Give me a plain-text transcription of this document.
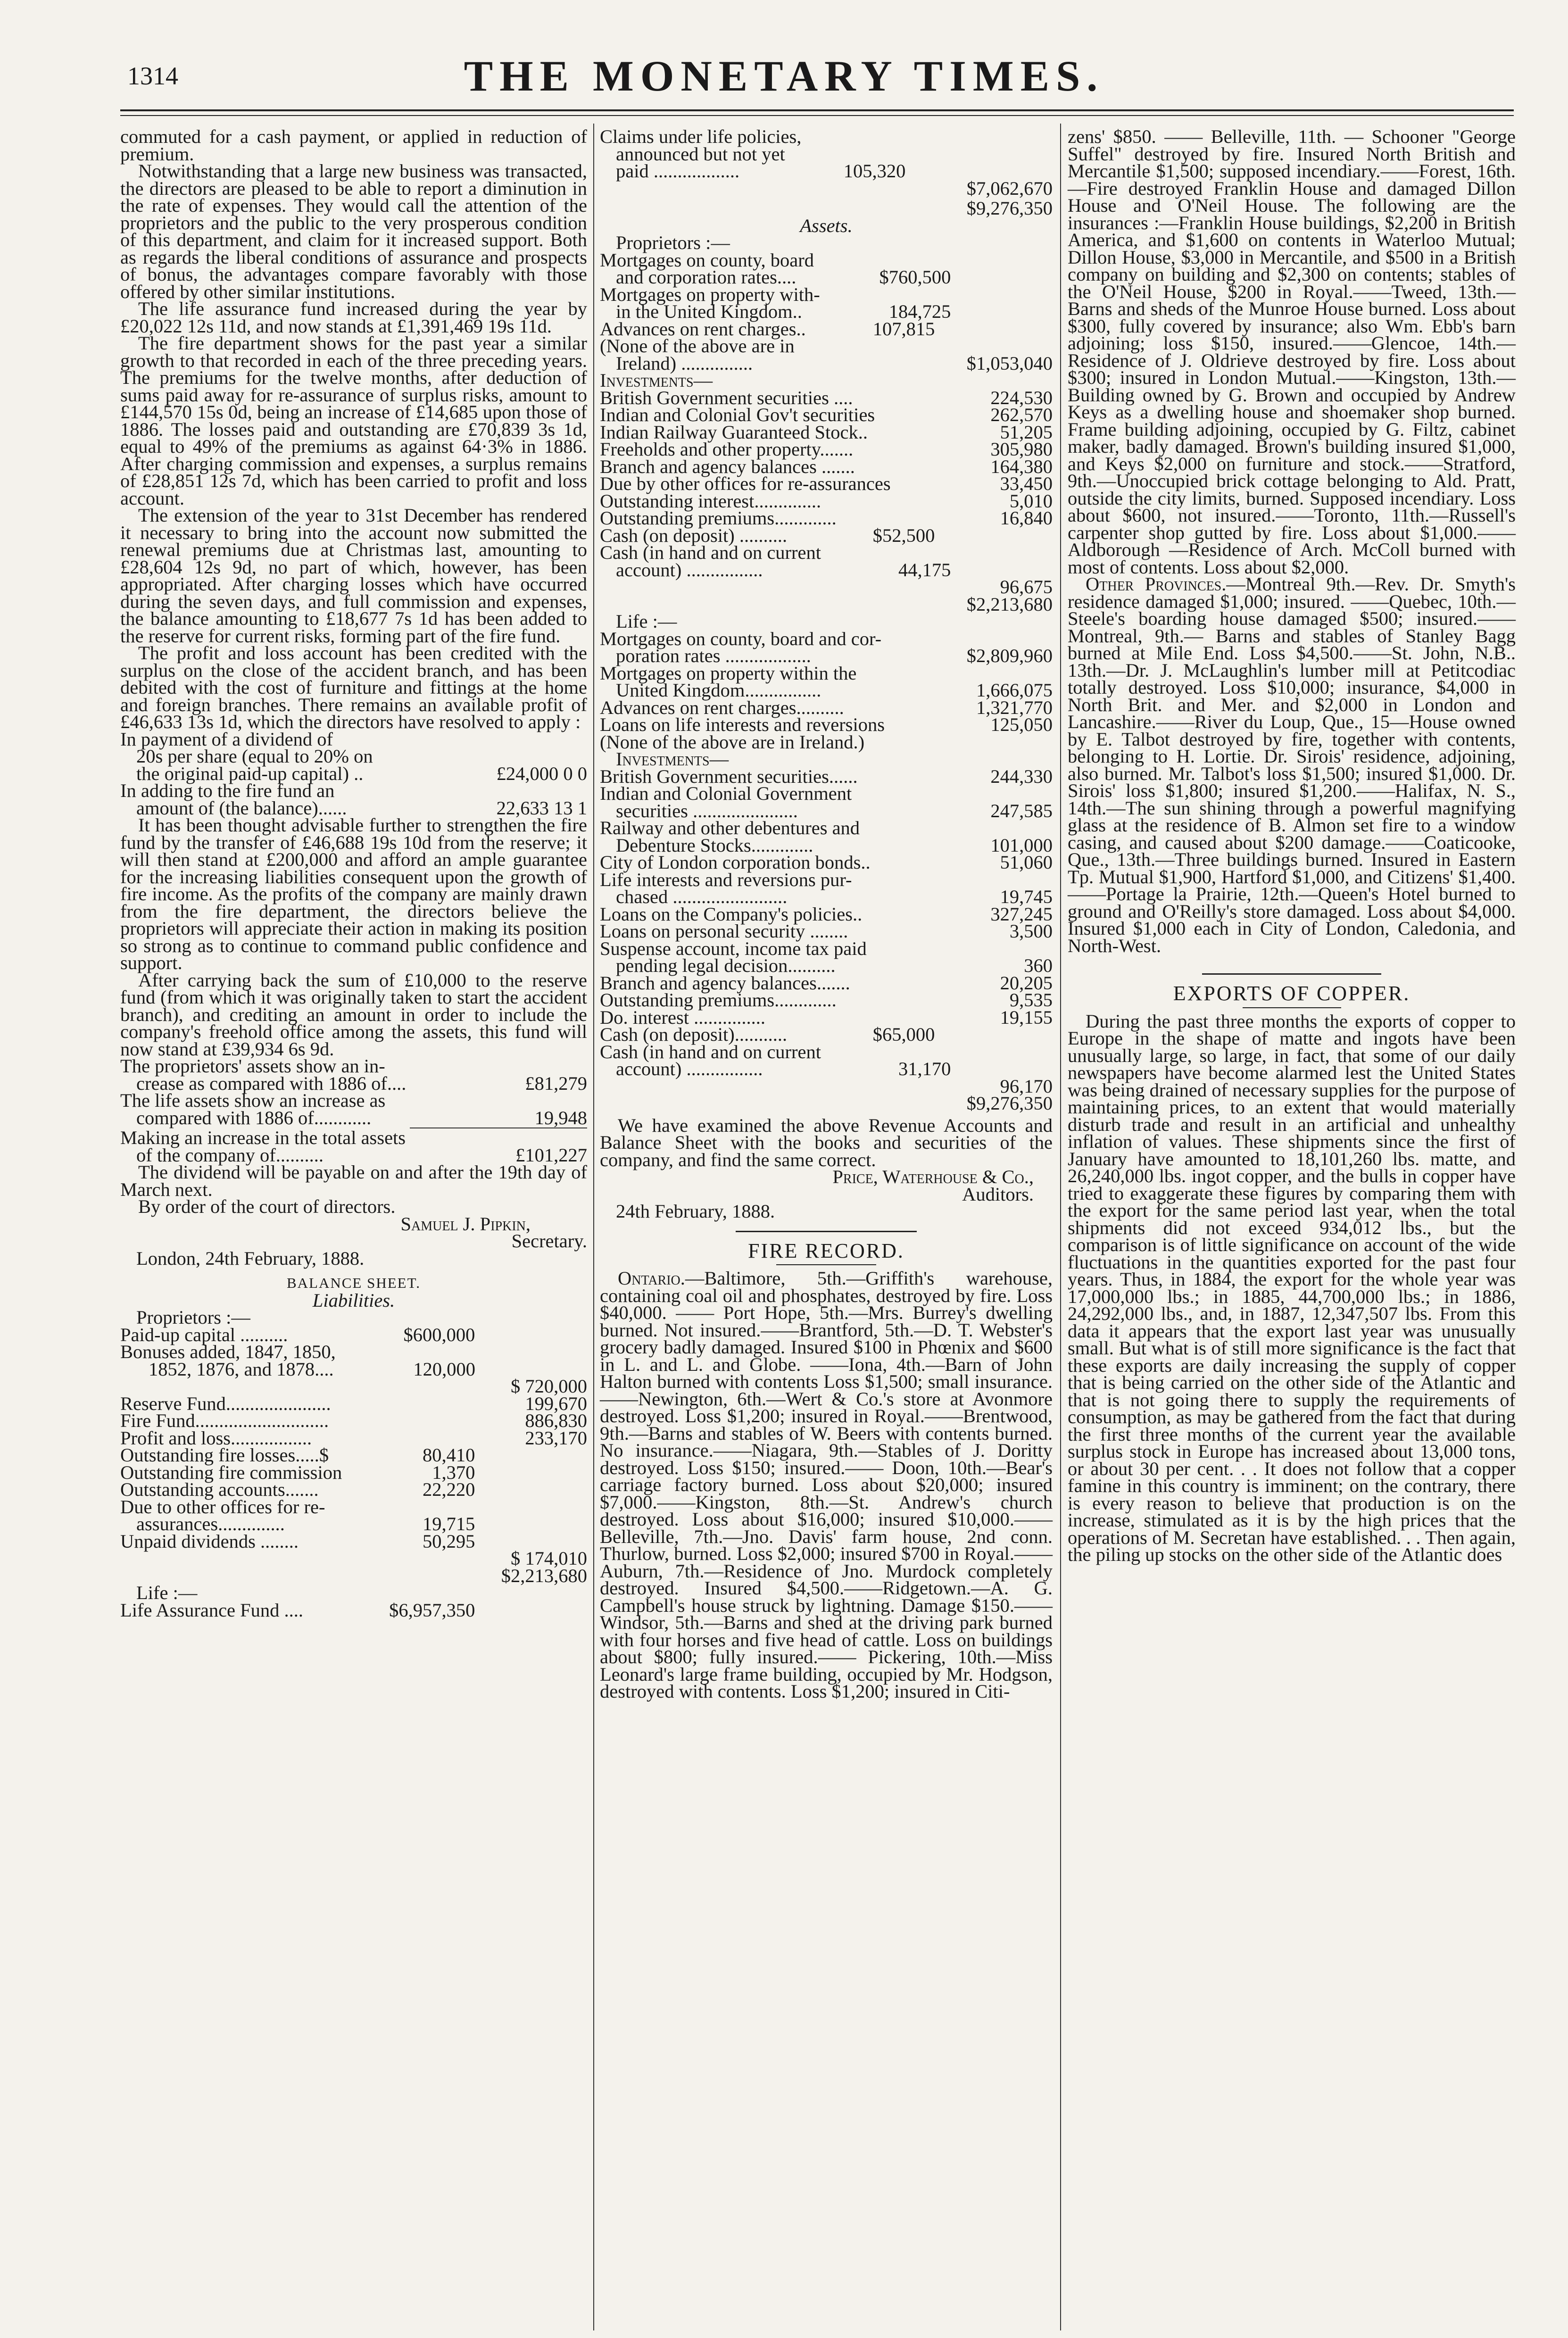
1314	THE MONETARY TIMES.

commuted for a cash payment, or applied in reduction of premium.

Notwithstanding that a large new business was transacted, the directors are pleased to be able to report a diminution in the rate of expenses. They would call the attention of the proprietors and the public to the very prosperous condition of this department, and claim for it increased support. Both as regards the liberal conditions of assurance and prospects of bonus, the advantages compare favorably with those offered by other similar institutions.

The life assurance fund increased during the year by £20,022 12s 11d, and now stands at £1,391,469 19s 11d.

The fire department shows for the past year a similar growth to that recorded in each of the three preceding years. The premiums for the twelve months, after deduction of sums paid away for re-assurance of surplus risks, amount to £144,570 15s 0d, being an increase of £14,685 upon those of 1886. The losses paid and outstanding are £70,839 3s 1d, equal to 49% of the premiums as against 64·3% in 1886. After charging commission and expenses, a surplus remains of £28,851 12s 7d, which has been carried to profit and loss account.

The extension of the year to 31st December has rendered it necessary to bring into the account now submitted the renewal premiums due at Christmas last, amounting to £28,604 12s 9d, no part of which, however, has been appropriated. After charging losses which have occurred during the seven days, and full commission and expenses, the balance amounting to £18,677 7s 1d has been added to the reserve for current risks, forming part of the fire fund.

The profit and loss account has been credited with the surplus on the close of the accident branch, and has been debited with the cost of furniture and fittings at the home and foreign branches. There remains an available profit of £46,633 13s 1d, which the directors have resolved to apply :

In payment of a dividend of
20s per share (equal to 20% on
the original paid-up capital) ..	£24,000 0 0
In adding to the fire fund an
amount of (the balance)......	22,633 13 1

It has been thought advisable further to strengthen the fire fund by the transfer of £46,688 19s 10d from the reserve; it will then stand at £200,000 and afford an ample guarantee for the increasing liabilities consequent upon the growth of fire income. As the profits of the company are mainly drawn from the fire department, the directors believe the proprietors will appreciate their action in making its position so strong as to continue to command public confidence and support.

After carrying back the sum of £10,000 to the reserve fund (from which it was originally taken to start the accident branch), and crediting an amount in order to include the company's freehold office among the assets, this fund will now stand at £39,934 6s 9d.

The proprietors' assets show an in-
crease as compared with 1886 of....	£81,279
The life assets show an increase as
compared with 1886 of............	19,948
Making an increase in the total assets
of the company of..........	£101,227

The dividend will be payable on and after the 19th day of March next.

By order of the court of directors.

Samuel J. Pipkin,
Secretary.
London, 24th February, 1888.
BALANCE SHEET.
Liabilities.
Proprietors :—
Paid-up capital ..........	$600,000
Bonuses added, 1847, 1850,
1852, 1876, and 1878....	120,000
$ 720,000
Reserve Fund......................	199,670
Fire Fund............................	886,830
Profit and loss.................	233,170
Outstanding fire losses.....$	80,410
Outstanding fire commission	1,370
Outstanding accounts.......	22,220
Due to other offices for re-
assurances..............	19,715
Unpaid dividends ........	50,295
$ 174,010
$2,213,680
Life :—
Life Assurance Fund ....	$6,957,350
Claims under life policies,
announced but not yet
paid ..................	105,320
$7,062,670
$9,276,350
Assets.
Proprietors :—
Mortgages on county, board
and corporation rates....	$760,500
Mortgages on property with-
in the United Kingdom..	184,725
Advances on rent charges..	107,815
(None of the above are in
Ireland) ...............	$1,053,040
Investments—
British Government securities ....	224,530
Indian and Colonial Gov't securities	262,570
Indian Railway Guaranteed Stock..	51,205
Freeholds and other property.......	305,980
Branch and agency balances .......	164,380
Due by other offices for re-assurances	33,450
Outstanding interest..............	5,010
Outstanding premiums.............	16,840
Cash (on deposit) ..........	$52,500
Cash (in hand and on current
account) ................	44,175
96,675
$2,213,680
Life :—
Mortgages on county, board and cor-
poration rates ..................	$2,809,960
Mortgages on property within the
United Kingdom................	1,666,075
Advances on rent charges..........	1,321,770
Loans on life interests and reversions	125,050
(None of the above are in Ireland.)
Investments—
British Government securities......	244,330
Indian and Colonial Government
securities ......................	247,585
Railway and other debentures and
Debenture Stocks.............	101,000
City of London corporation bonds..	51,060
Life interests and reversions pur-
chased ........................	19,745
Loans on the Company's policies..	327,245
Loans on personal security ........	3,500
Suspense account, income tax paid
pending legal decision..........	360
Branch and agency balances.......	20,205
Outstanding premiums.............	9,535
Do. interest ...............	19,155
Cash (on deposit)...........	$65,000
Cash (in hand and on current
account) ................	31,170
96,170
$9,276,350

We have examined the above Revenue Accounts and Balance Sheet with the books and securities of the company, and find the same correct.

Price, Waterhouse & Co.,
Auditors.
24th February, 1888.
FIRE RECORD.

Ontario.—Baltimore, 5th.—Griffith's warehouse, containing coal oil and phosphates, destroyed by fire. Loss $40,000. —— Port Hope, 5th.—Mrs. Burrey's dwelling burned. Not insured.——Brantford, 5th.—D. T. Webster's grocery badly damaged. Insured $100 in Phœnix and $600 in L. and L. and Globe. ——Iona, 4th.—Barn of John Halton burned with contents Loss $1,500; small insurance. ——Newington, 6th.—Wert & Co.'s store at Avonmore destroyed. Loss $1,200; insured in Royal.——Brentwood, 9th.—Barns and stables of W. Beers with contents burned. No insurance.——Niagara, 9th.—Stables of J. Doritty destroyed. Loss $150; insured.—— Doon, 10th.—Bear's carriage factory burned. Loss about $20,000; insured $7,000.——Kingston, 8th.—St. Andrew's church destroyed. Loss about $16,000; insured $10,000.—— Belleville, 7th.—Jno. Davis' farm house, 2nd conn. Thurlow, burned. Loss $2,000; insured $700 in Royal.——Auburn, 7th.—Residence of Jno. Murdock completely destroyed. Insured $4,500.——Ridgetown.—A. G. Campbell's house struck by lightning. Damage $150.——Windsor, 5th.—Barns and shed at the driving park burned with four horses and five head of cattle. Loss on buildings about $800; fully insured.—— Pickering, 10th.—Miss Leonard's large frame building, occupied by Mr. Hodgson, destroyed with contents. Loss $1,200; insured in Citi-

zens' $850. —— Belleville, 11th. — Schooner "George Suffel" destroyed by fire. Insured North British and Mercantile $1,500; supposed incendiary.——Forest, 16th.—Fire destroyed Franklin House and damaged Dillon House and O'Neil House. The following are the insurances :—Franklin House buildings, $2,200 in British America, and $1,600 on contents in Waterloo Mutual; Dillon House, $3,000 in Mercantile, and $500 in a British company on building and $2,300 on contents; stables of the O'Neil House, $200 in Royal.——Tweed, 13th.—Barns and sheds of the Munroe House burned. Loss about $300, fully covered by insurance; also Wm. Ebb's barn adjoining; loss $150, insured.——Glencoe, 14th.—Residence of J. Oldrieve destroyed by fire. Loss about $300; insured in London Mutual.——Kingston, 13th.—Building owned by G. Brown and occupied by Andrew Keys as a dwelling house and shoemaker shop burned. Frame building adjoining, occupied by G. Filtz, cabinet maker, badly damaged. Brown's building insured $1,000, and Keys $2,000 on furniture and stock.——Stratford, 9th.—Unoccupied brick cottage belonging to Ald. Pratt, outside the city limits, burned. Supposed incendiary. Loss about $600, not insured.——Toronto, 11th.—Russell's carpenter shop gutted by fire. Loss about $1,000.——Aldborough —Residence of Arch. McColl burned with most of contents. Loss about $2,000.

Other Provinces.—Montreal 9th.—Rev. Dr. Smyth's residence damaged $1,000; insured. ——Quebec, 10th.—Steele's boarding house damaged $500; insured.——Montreal, 9th.— Barns and stables of Stanley Bagg burned at Mile End. Loss $4,500.——St. John, N.B.. 13th.—Dr. J. McLaughlin's lumber mill at Petitcodiac totally destroyed. Loss $10,000; insurance, $4,000 in North Brit. and Mer. and $2,000 in London and Lancashire.——River du Loup, Que., 15—House owned by E. Talbot destroyed by fire, together with contents, belonging to H. Lortie. Dr. Sirois' residence, adjoining, also burned. Mr. Talbot's loss $1,500; insured $1,000. Dr. Sirois' loss $1,800; insured $1,200.——Halifax, N. S., 14th.—The sun shining through a powerful magnifying glass at the residence of B. Almon set fire to a window casing, and caused about $200 damage.——Coaticooke, Que., 13th.—Three buildings burned. Insured in Eastern Tp. Mutual $1,900, Hartford $1,000, and Citizens' $1,400. ——Portage la Prairie, 12th.—Queen's Hotel burned to ground and O'Reilly's store damaged. Loss about $4,000. Insured $1,000 each in City of London, Caledonia, and North-West.

EXPORTS OF COPPER.

During the past three months the exports of copper to Europe in the shape of matte and ingots have been unusually large, so large, in fact, that some of our daily newspapers have become alarmed lest the United States was being drained of necessary supplies for the purpose of maintaining prices, to an extent that would materially disturb trade and result in an artificial and unhealthy inflation of values. These shipments since the first of January have amounted to 18,101,260 lbs. matte, and 26,240,000 lbs. ingot copper, and the bulls in copper have tried to exaggerate these figures by comparing them with the export for the same period last year, when the total shipments did not exceed 934,012 lbs., but the comparison is of little significance on account of the wide fluctuations in the quantities exported for the past four years. Thus, in 1884, the export for the whole year was 17,000,000 lbs.; in 1885, 44,700,000 lbs.; in 1886, 24,292,000 lbs., and, in 1887, 12,347,507 lbs. From this data it appears that the export last year was unusually small. But what is of still more significance is the fact that these exports are daily increasing the supply of copper that is being carried on the other side of the Atlantic and that is not going there to supply the requirements of consumption, as may be gathered from the fact that during the first three months of the current year the available surplus stock in Europe has increased about 13,000 tons, or about 30 per cent. . . It does not follow that a copper famine in this country is imminent; on the contrary, there is every reason to believe that production is on the increase, stimulated as it is by the high prices that the operations of M. Secretan have established. . . Then again, the piling up stocks on the other side of the Atlantic does
